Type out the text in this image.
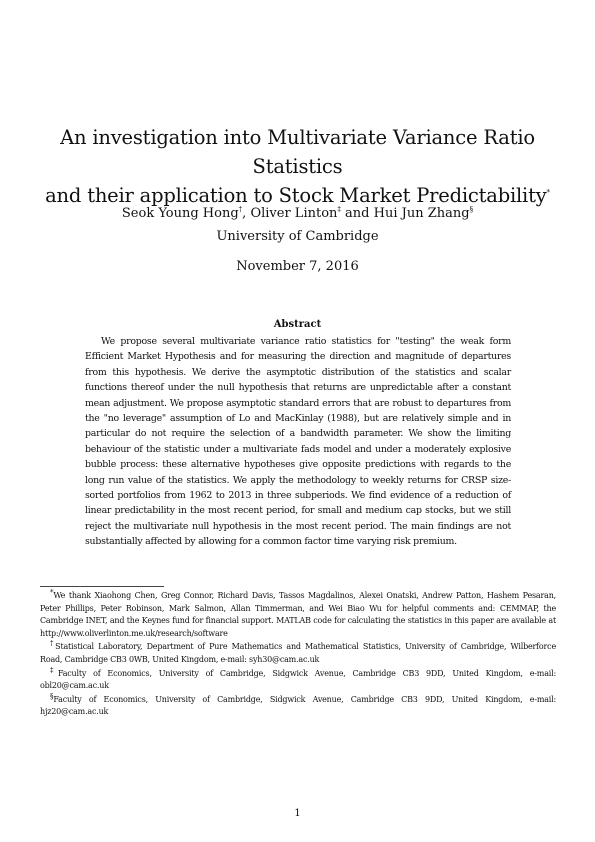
An investigation into Multivariate Variance Ratio Statistics
and their application to Stock Market Predictability*
Seok Young Hong†, Oliver Linton‡ and Hui Jun Zhang§
University of Cambridge
November 7, 2016
Abstract
We propose several multivariate variance ratio statistics for "testing" the weak form Efficient Market Hypothesis and for measuring the direction and magnitude of departures from this hypothesis. We derive the asymptotic distribution of the statistics and scalar functions thereof under the null hypothesis that returns are unpredictable after a constant mean adjustment. We propose asymptotic standard errors that are robust to departures from the "no leverage" assumption of Lo and MacKinlay (1988), but are relatively simple and in particular do not require the selection of a bandwidth parameter. We show the limiting behaviour of the statistic under a multivariate fads model and under a moderately explosive bubble process: these alternative hypotheses give opposite predictions with regards to the long run value of the statistics. We apply the methodology to weekly returns for CRSP size-sorted portfolios from 1962 to 2013 in three subperiods. We find evidence of a reduction of linear predictability in the most recent period, for small and medium cap stocks, but we still reject the multivariate null hypothesis in the most recent period. The main findings are not substantially affected by allowing for a common factor time varying risk premium.

*We thank Xiaohong Chen, Greg Connor, Richard Davis, Tassos Magdalinos, Alexei Onatski, Andrew Patton, Hashem Pesaran, Peter Phillips, Peter Robinson, Mark Salmon, Allan Timmerman, and Wei Biao Wu for helpful comments and: CEMMAP, the Cambridge INET, and the Keynes fund for financial support. MATLAB code for calculating the statistics in this paper are available at http://www.oliverlinton.me.uk/research/software

†Statistical Laboratory, Department of Pure Mathematics and Mathematical Statistics, University of Cambridge, Wilberforce Road, Cambridge CB3 0WB, United Kingdom, e-mail: syh30@cam.ac.uk

‡Faculty of Economics, University of Cambridge, Sidgwick Avenue, Cambridge CB3 9DD, United Kingdom, e-mail: obl20@cam.ac.uk

§Faculty of Economics, University of Cambridge, Sidgwick Avenue, Cambridge CB3 9DD, United Kingdom, e-mail: hjz20@cam.ac.uk

1
